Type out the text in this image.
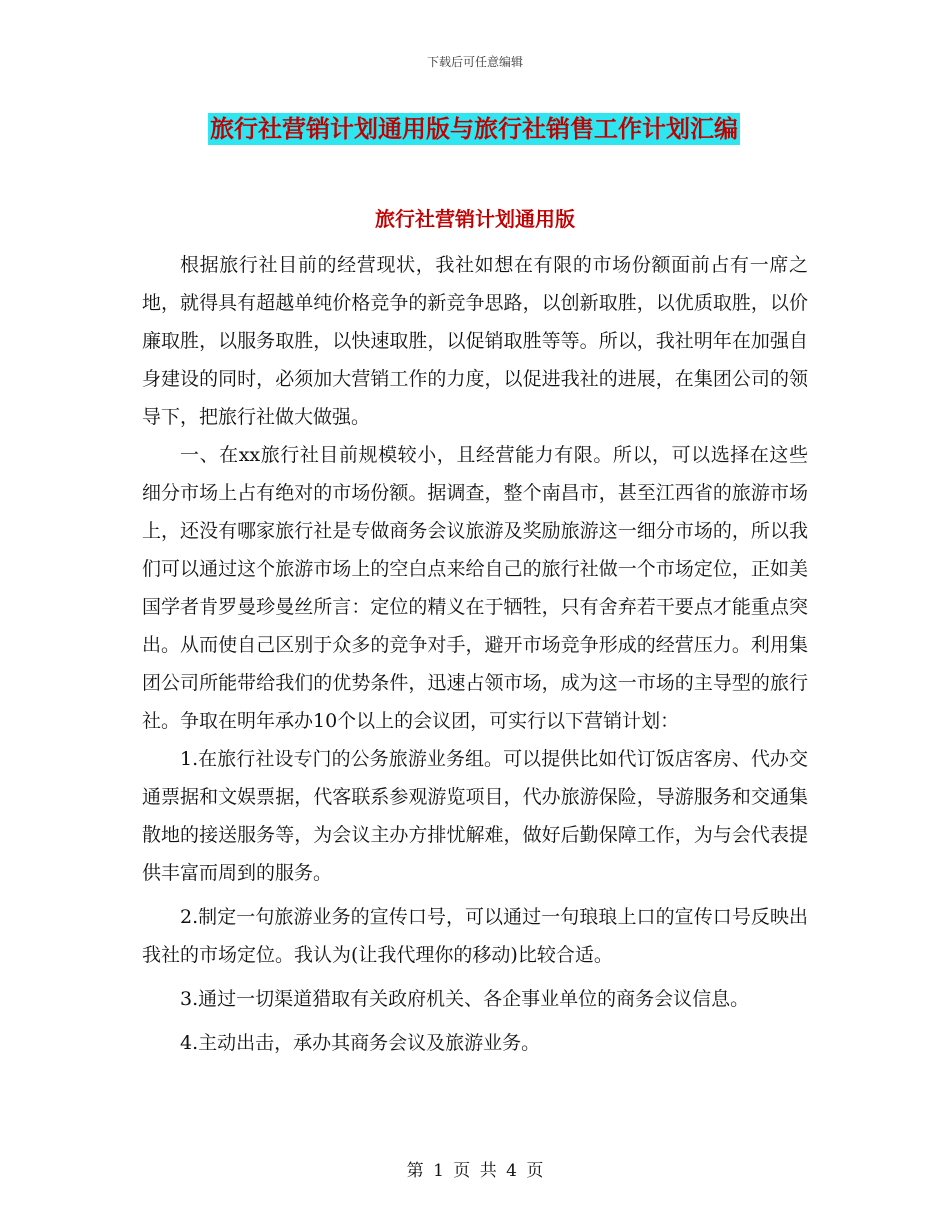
下载后可任意编辑
旅行社营销计划通用版与旅行社销售工作计划汇编
旅行社营销计划通用版

根据旅行社目前的经营现状，我社如想在有限的市场份额面前占有一席之地，就得具有超越单纯价格竞争的新竞争思路，以创新取胜，以优质取胜，以价廉取胜，以服务取胜，以快速取胜，以促销取胜等等。所以，我社明年在加强自身建设的同时，必须加大营销工作的力度，以促进我社的进展，在集团公司的领导下，把旅行社做大做强。

一、在xx旅行社目前规模较小，且经营能力有限。所以，可以选择在这些细分市场上占有绝对的市场份额。据调查，整个南昌市，甚至江西省的旅游市场上，还没有哪家旅行社是专做商务会议旅游及奖励旅游这一细分市场的，所以我们可以通过这个旅游市场上的空白点来给自己的旅行社做一个市场定位，正如美国学者肯罗曼珍曼丝所言：定位的精义在于牺牲，只有舍弃若干要点才能重点突出。从而使自己区别于众多的竞争对手，避开市场竞争形成的经营压力。利用集团公司所能带给我们的优势条件，迅速占领市场，成为这一市场的主导型的旅行社。争取在明年承办10个以上的会议团，可实行以下营销计划：

1.在旅行社设专门的公务旅游业务组。可以提供比如代订饭店客房、代办交通票据和文娱票据，代客联系参观游览项目，代办旅游保险，导游服务和交通集散地的接送服务等，为会议主办方排忧解难，做好后勤保障工作，为与会代表提供丰富而周到的服务。

2.制定一句旅游业务的宣传口号，可以通过一句琅琅上口的宣传口号反映出我社的市场定位。我认为(让我代理你的移动)比较合适。

3.通过一切渠道猎取有关政府机关、各企事业单位的商务会议信息。

4.主动出击，承办其商务会议及旅游业务。

第 1 页 共 4 页
